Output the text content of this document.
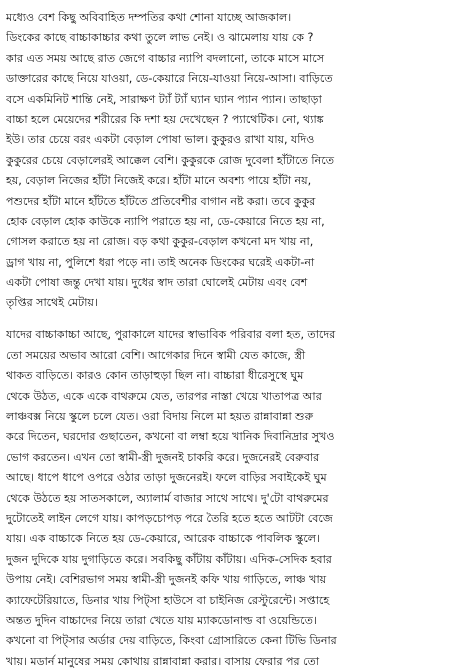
মধ্যেও বেশ কিছু অবিবাহিত দম্পতির কথা শোনা যাচ্ছে আজকাল।
ডিংকের কাছে বাচ্চাকাচ্চার কথা তুলে লাভ নেই। ও ঝামেলায় যায় কে ?
কার এত সময় আছে রাত জেগে বাচ্চার ন্যাপি বদলানো, তাকে মাসে মাসে
ডাক্তারের কাছে নিয়ে যাওয়া, ডে-কেয়ারে নিয়ে-যাওয়া নিয়ে-আসা। বাড়িতে
বসে একমিনিট শান্তি নেই, সারাক্ষণ ট্যাঁ ট্যাঁ ঘ্যান ঘ্যান প্যান প্যান। তাছাড়া
বাচ্চা হলে মেয়েদের শরীরের কি দশা হয় দেখেছেন ? প্যাথেটিক। নো, থ্যাঙ্ক
ইউ। তার চেয়ে বরং একটা বেড়াল পোষা ভাল। কুকুরও রাখা যায়, যদিও
কুকুরের চেয়ে বেড়ালেরই আক্কেল বেশি। কুকুরকে রোজ দুবেলা হাঁটাতে নিতে
হয়, বেড়াল নিজের হাঁটা নিজেই করে। হাঁটা মানে অবশ্য পায়ে হাঁটা নয়,
পশুদের হাঁটা মানে হাঁটতে হাঁটতে প্রতিবেশীর বাগান নষ্ট করা। তবে কুকুর
হোক বেড়াল হোক কাউকে ন্যাপি পরাতে হয় না, ডে-কেয়ারে নিতে হয় না,
গোসল করাতে হয় না রোজ। বড় কথা কুকুর-বেড়াল কখনো মদ খায় না,
ড্রাগ খায় না, পুলিশে ধরা পড়ে না। তাই অনেক ডিংকের ঘরেই একটা-না
একটা পোষা জন্তু দেখা যায়। দুধের স্বাদ তারা ঘোলেই মেটায় এবং বেশ
তৃপ্তির সাথেই মেটায়।
যাদের বাচ্চাকাচ্চা আছে, পুরাকালে যাদের স্বাভাবিক পরিবার বলা হত, তাদের
তো সময়ের অভাব আরো বেশি। আগেকার দিনে স্বামী যেত কাজে, স্ত্রী
থাকত বাড়িতে। কারও কোন তাড়াহুড়া ছিল না। বাচ্চারা ধীরেসুস্থে ঘুম
থেকে উঠত, একে একে বাথরুমে যেত, তারপর নাস্তা খেয়ে খাতাপত্র আর
লাঞ্চবক্স নিয়ে স্কুলে চলে যেত। ওরা বিদায় নিলে মা হয়ত রান্নাবান্না শুরু
করে দিতেন, ঘরদোর গুছাতেন, কখনো বা লম্বা হয়ে খানিক দিবানিদ্রার সুখও
ভোগ করতেন। এখন তো স্বামী-স্ত্রী দুজনই চাকরি করে। দুজনেরই বেরুবার
আছে। ধাপে ধাপে ওপরে ওঠার তাড়া দুজনেরই। ফলে বাড়ির সবাইকেই ঘুম
থেকে উঠতে হয় সাতসকালে, অ্যালার্ম বাজার সাথে সাথে। দু'টো বাথরুমের
দুটোতেই লাইন লেগে যায়। কাপড়চোপড় পরে তৈরি হতে হতে আটটা বেজে
যায়। এক বাচ্চাকে নিতে হয় ডে-কেয়ারে, আরেক বাচ্চাকে পাবলিক স্কুলে।
দুজন দুদিকে যায় দুগাড়িতে করে। সবকিছু কাঁটায় কাঁটায়। এদিক-সেদিক হবার
উপায় নেই। বেশিরভাগ সময় স্বামী-স্ত্রী দুজনই কফি খায় গাড়িতে, লাঞ্চ খায়
ক্যাফেটেরিয়াতে, ডিনার খায় পিট্‌সা হাউসে বা চাইনিজ রেস্টুরেন্টে। সপ্তাহে
অন্তত দুদিন বাচ্চাদের নিয়ে তারা খেতে যায় ম্যাকডোনাল্ড বা ওয়েন্ডিতে।
কখনো বা পিট্‌সার অর্ডার দেয় বাড়িতে, কিংবা গ্রোসারিতে কেনা টিভি ডিনার
খায়। মডার্ন মানুষের সময় কোথায় রান্নাবান্না করার। বাসায় ফেরার পর তো
